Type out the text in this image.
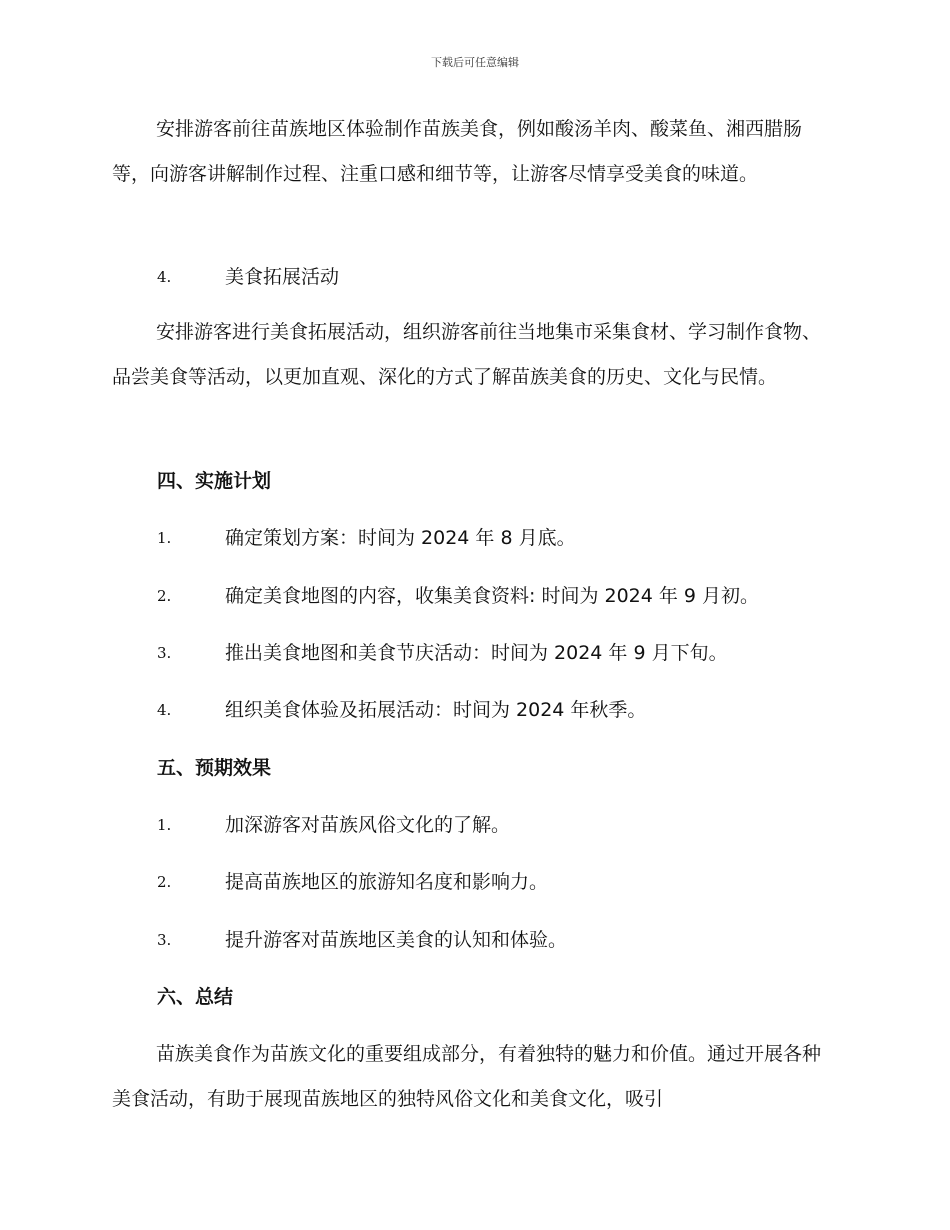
下载后可任意编辑

安排游客前往苗族地区体验制作苗族美食，例如酸汤羊肉、酸菜鱼、湘西腊肠等，向游客讲解制作过程、注重口感和细节等，让游客尽情享受美食的味道。

4.	美食拓展活动

安排游客进行美食拓展活动，组织游客前往当地集市采集食材、学习制作食物、品尝美食等活动，以更加直观、深化的方式了解苗族美食的历史、文化与民情。

四、实施计划
1.	确定策划方案：时间为 2024 年 8 月底。
2.	确定美食地图的内容，收集美食资料: 时间为 2024 年 9 月初。
3.	推出美食地图和美食节庆活动：时间为 2024 年 9 月下旬。
4.	组织美食体验及拓展活动：时间为 2024 年秋季。
五、预期效果
1.	加深游客对苗族风俗文化的了解。
2.	提高苗族地区的旅游知名度和影响力。
3.	提升游客对苗族地区美食的认知和体验。
六、总结

苗族美食作为苗族文化的重要组成部分，有着独特的魅力和价值。通过开展各种美食活动，有助于展现苗族地区的独特风俗文化和美食文化，吸引
